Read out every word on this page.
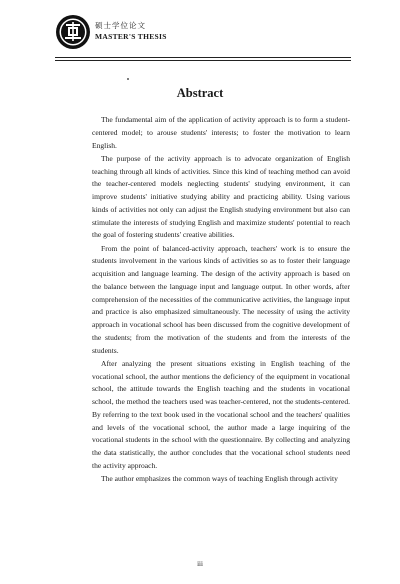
硕士学位论文
MASTER'S THESIS
Abstract

The fundamental aim of the application of activity approach is to form a student-centered model; to arouse students' interests; to foster the motivation to learn English.

The purpose of the activity approach is to advocate organization of English teaching through all kinds of activities. Since this kind of teaching method can avoid the teacher-centered models neglecting students' studying environment, it can improve students' initiative studying ability and practicing ability. Using various kinds of activities not only can adjust the English studying environment but also can stimulate the interests of studying English and maximize students' potential to reach the goal of fostering students' creative abilities.

From the point of balanced-activity approach, teachers' work is to ensure the students involvement in the various kinds of activities so as to foster their language acquisition and language learning. The design of the activity approach is based on the balance between the language input and language output. In other words, after comprehension of the necessities of the communicative activities, the language input and practice is also emphasized simultaneously. The necessity of using the activity approach in vocational school has been discussed from the cognitive development of the students; from the motivation of the students and from the interests of the students.

After analyzing the present situations existing in English teaching of the vocational school, the author mentions the deficiency of the equipment in vocational school, the attitude towards the English teaching and the students in vocational school, the method the teachers used was teacher-centered, not the students-centered. By referring to the text book used in the vocational school and the teachers' qualities and levels of the vocational school, the author made a large inquiring of the vocational students in the school with the questionnaire. By collecting and analyzing the data statistically, the author concludes that the vocational school students need the activity approach.

The author emphasizes the common ways of teaching English through activity

iii
